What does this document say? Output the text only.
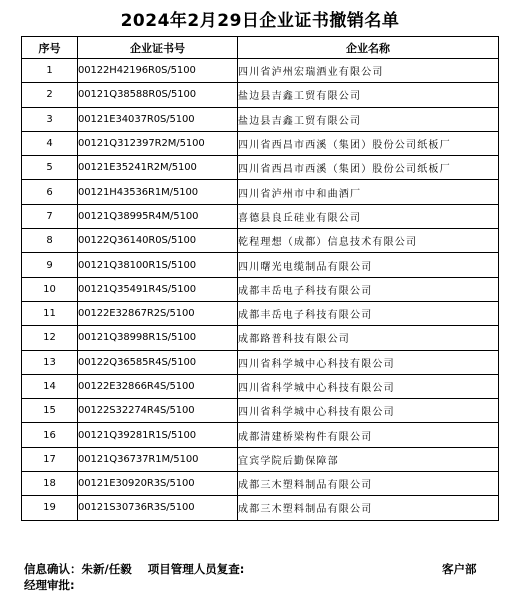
2024年2月29日企业证书撤销名单
序号	企业证书号	企业名称
1	00122H42196R0S/5100	四川省泸州宏瑞酒业有限公司
2	00121Q38588R0S/5100	盐边县吉鑫工贸有限公司
3	00121E34037R0S/5100	盐边县吉鑫工贸有限公司
4	00121Q312397R2M/5100	四川省西昌市西溪（集团）股份公司纸板厂
5	00121E35241R2M/5100	四川省西昌市西溪（集团）股份公司纸板厂
6	00121H43536R1M/5100	四川省泸州市中和曲酒厂
7	00121Q38995R4M/5100	喜德县良丘硅业有限公司
8	00122Q36140R0S/5100	乾程理想（成都）信息技术有限公司
9	00121Q38100R1S/5100	四川曙光电缆制品有限公司
10	00121Q35491R4S/5100	成都丰岳电子科技有限公司
11	00122E32867R2S/5100	成都丰岳电子科技有限公司
12	00121Q38998R1S/5100	成都路普科技有限公司
13	00122Q36585R4S/5100	四川省科学城中心科技有限公司
14	00122E32866R4S/5100	四川省科学城中心科技有限公司
15	00122S32274R4S/5100	四川省科学城中心科技有限公司
16	00121Q39281R1S/5100	成都清建桥梁构件有限公司
17	00121Q36737R1M/5100	宜宾学院后勤保障部
18	00121E30920R3S/5100	成都三木塑料制品有限公司
19	00121S30736R3S/5100	成都三木塑料制品有限公司
信息确认：朱新/任毅 项目管理人员复查:	客户部
经理审批:
